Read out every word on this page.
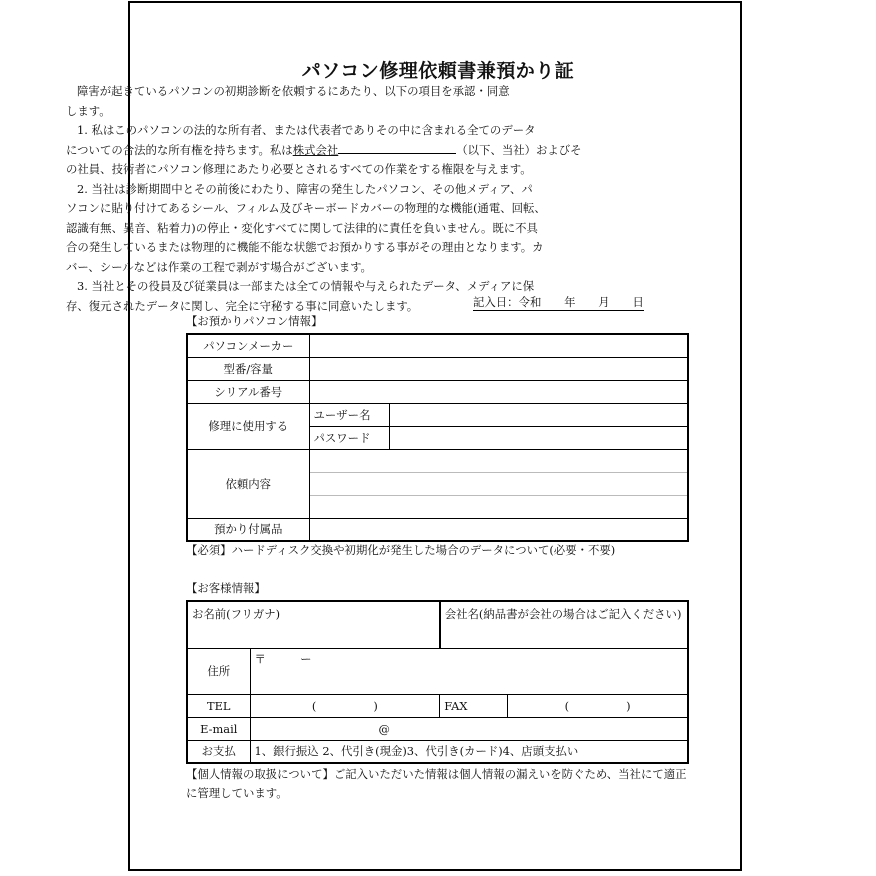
パソコン修理依頼書兼預かり証

障害が起きているパソコンの初期診断を依頼するにあたり、以下の項目を承認・同意

します。

1. 私はこのパソコンの法的な所有者、または代表者でありその中に含まれる全てのデータ

についての合法的な所有権を持ちます。私は株式会社	（以下、当社）およびそ

の社員、技術者にパソコン修理にあたり必要とされるすべての作業をする権限を与えます。

2. 当社は診断期間中とその前後にわたり、障害の発生したパソコン、その他メディア、パ

ソコンに貼り付けてあるシール、フィルム及びキーボードカバーの物理的な機能(通電、回転、

認識有無、異音、粘着力)の停止・変化すべてに関して法律的に責任を負いません。既に不具

合の発生しているまたは物理的に機能不能な状態でお預かりする事がその理由となります。カ

バー、シールなどは作業の工程で剥がす場合がございます。

3. 当社とその役員及び従業員は一部または全ての情報や与えられたデータ、メディアに保

存、復元されたデータに関し、完全に守秘する事に同意いたします。	記入日：令和　　年　　月　　日
【お預かりパソコン情報】
パソコンメーカー		
型番/容量		
シリアル番号		
修理に使用する	ユーザー名	
	パスワード	
依頼内容		

預かり付属品		
【必須】ハードディスク交換や初期化が発生した場合のデータについて(必要・不要)
【お客様情報】
お名前(フリガナ)		会社名(納品書が会社の場合はご記入ください)	
住所	〒　　　ー		
TEL	(　　　　　)	FAX	(　　　　　)
E-mail	@		
お支払	1、銀行振込 2、代引き(現金)3、代引き(カード)4、店頭支払い		
【個人情報の取扱について】ご記入いただいた情報は個人情報の漏えいを防ぐため、当社にて適正
に管理しています。
